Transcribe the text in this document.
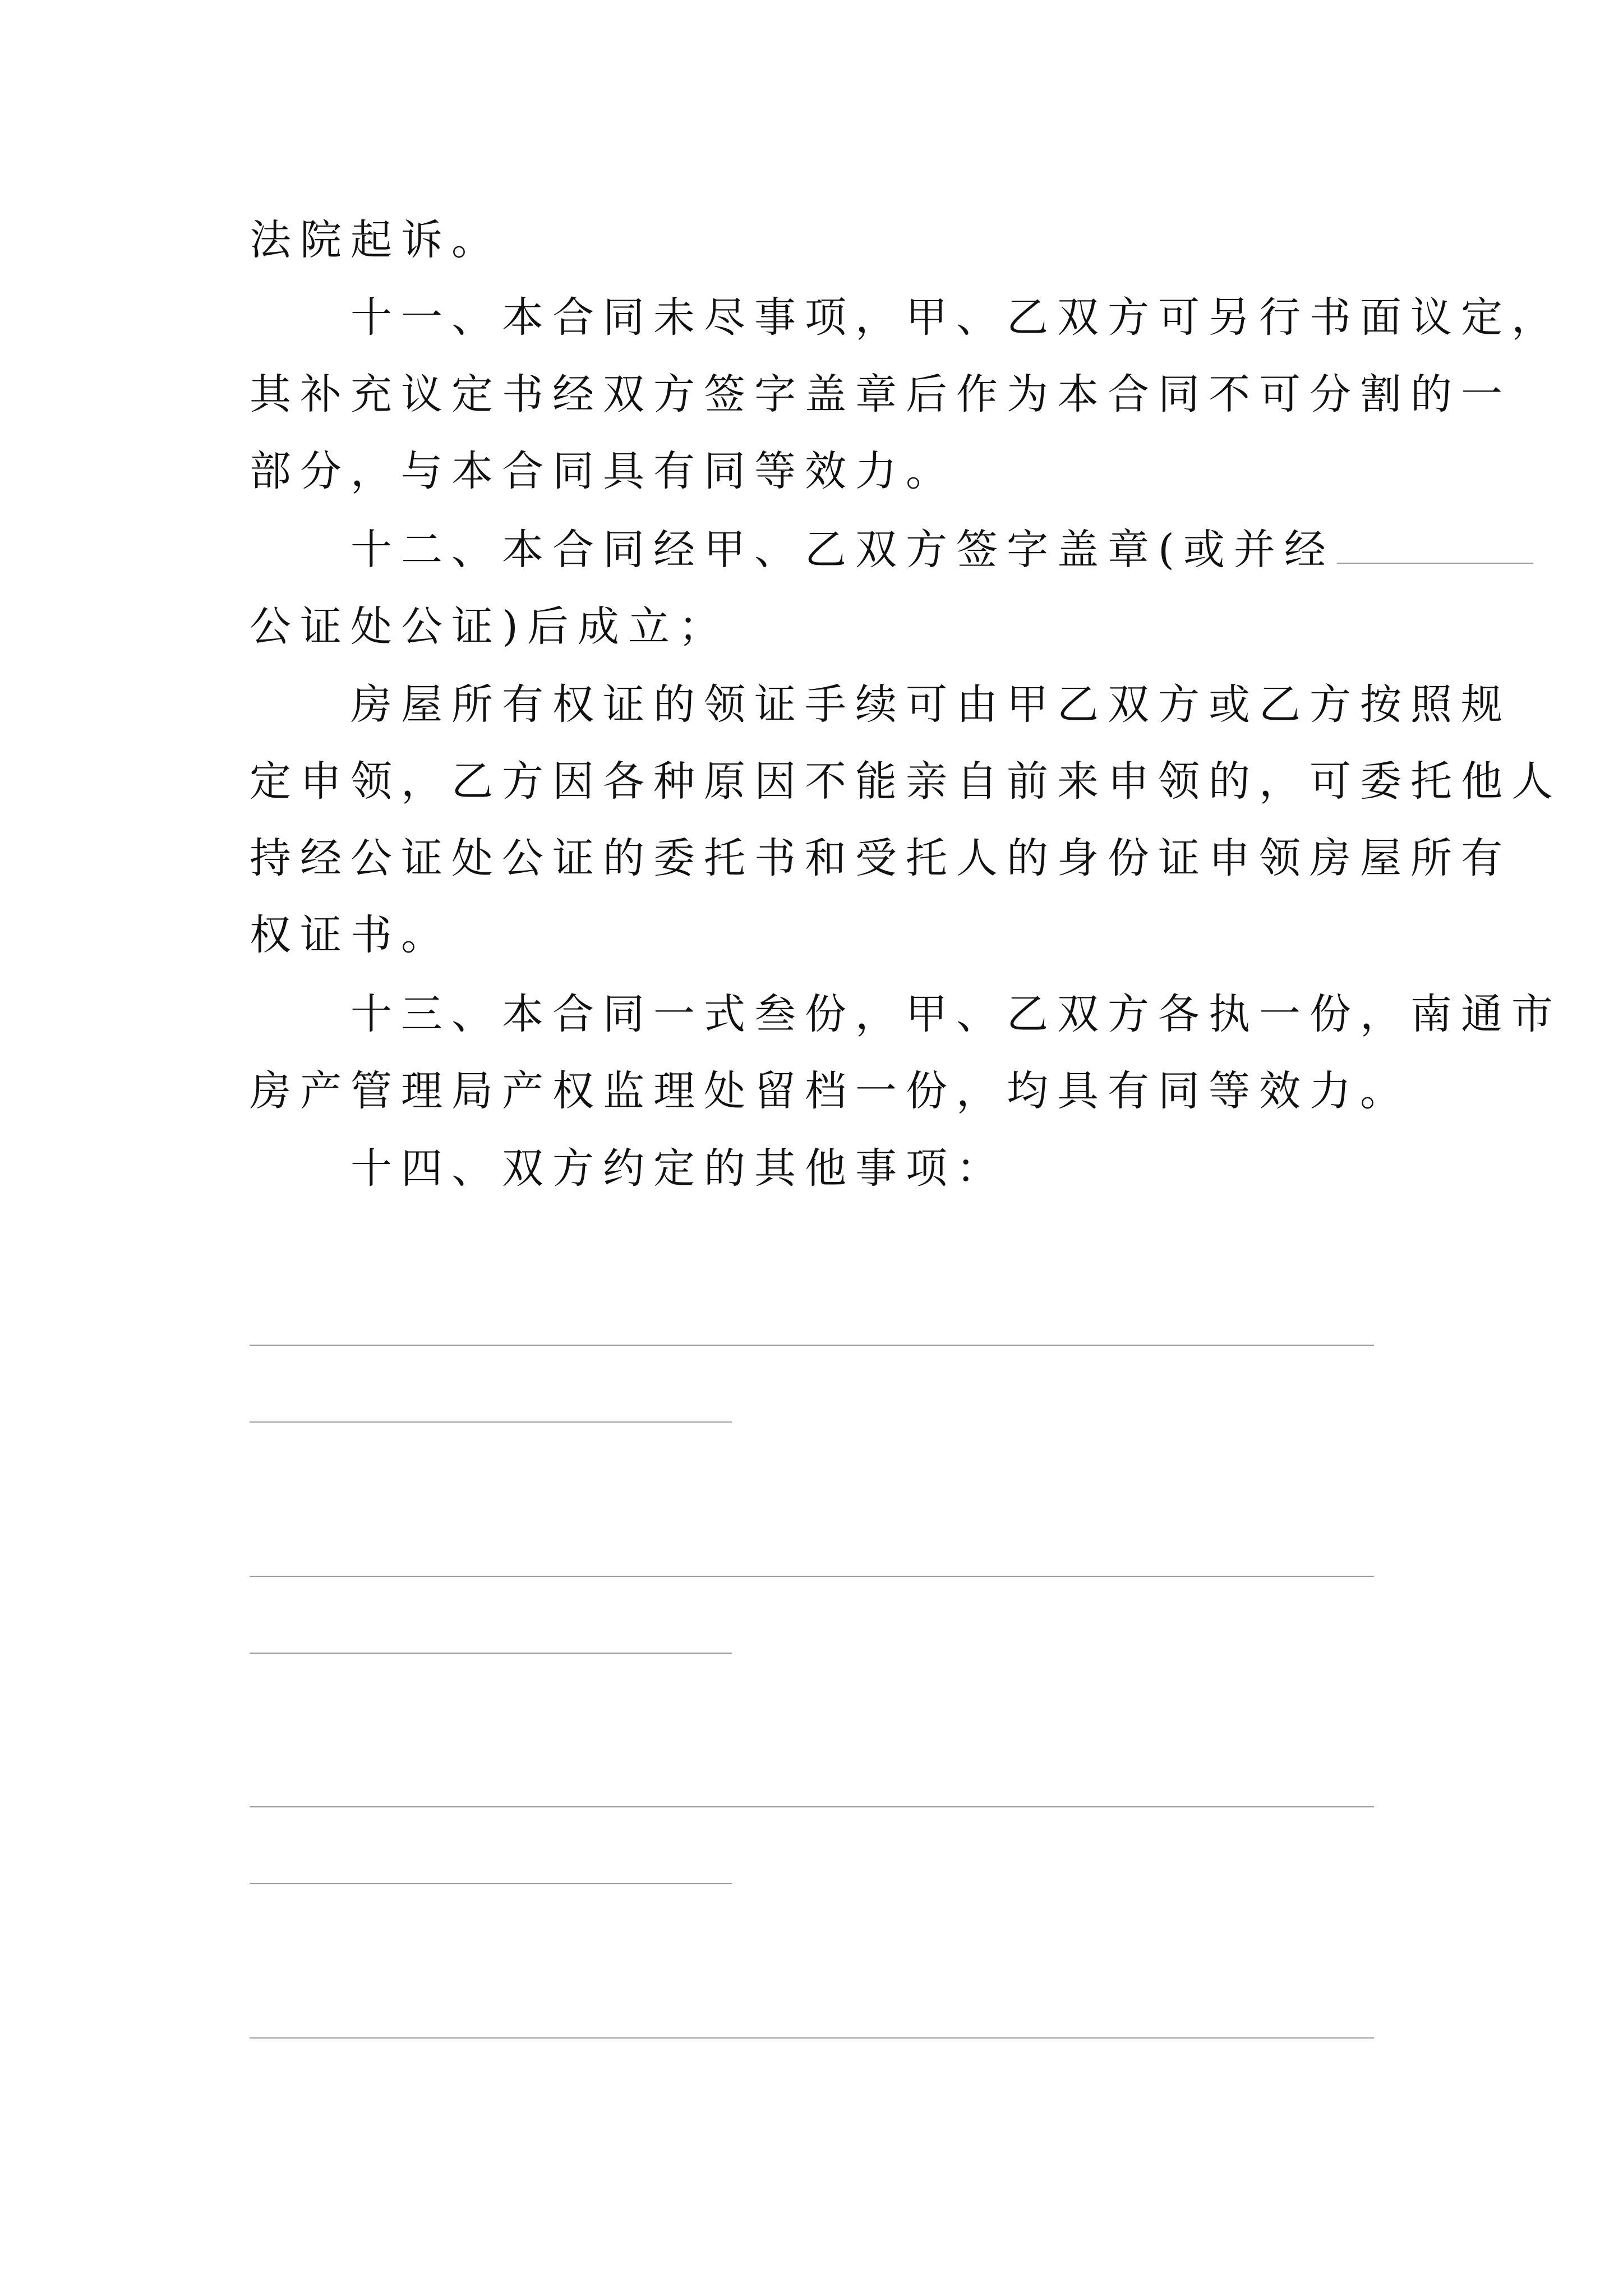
法院起诉。

　　十一、本合同未尽事项，甲、乙双方可另行书面议定，
其补充议定书经双方签字盖章后作为本合同不可分割的一
部分，与本合同具有同等效力。

　　十二、本合同经甲、乙双方签字盖章(或并经
公证处公证)后成立；

　　房屋所有权证的领证手续可由甲乙双方或乙方按照规
定申领，乙方因各种原因不能亲自前来申领的，可委托他人
持经公证处公证的委托书和受托人的身份证申领房屋所有
权证书。

　　十三、本合同一式叁份，甲、乙双方各执一份，南通市
房产管理局产权监理处留档一份，均具有同等效力。

　　十四、双方约定的其他事项：
